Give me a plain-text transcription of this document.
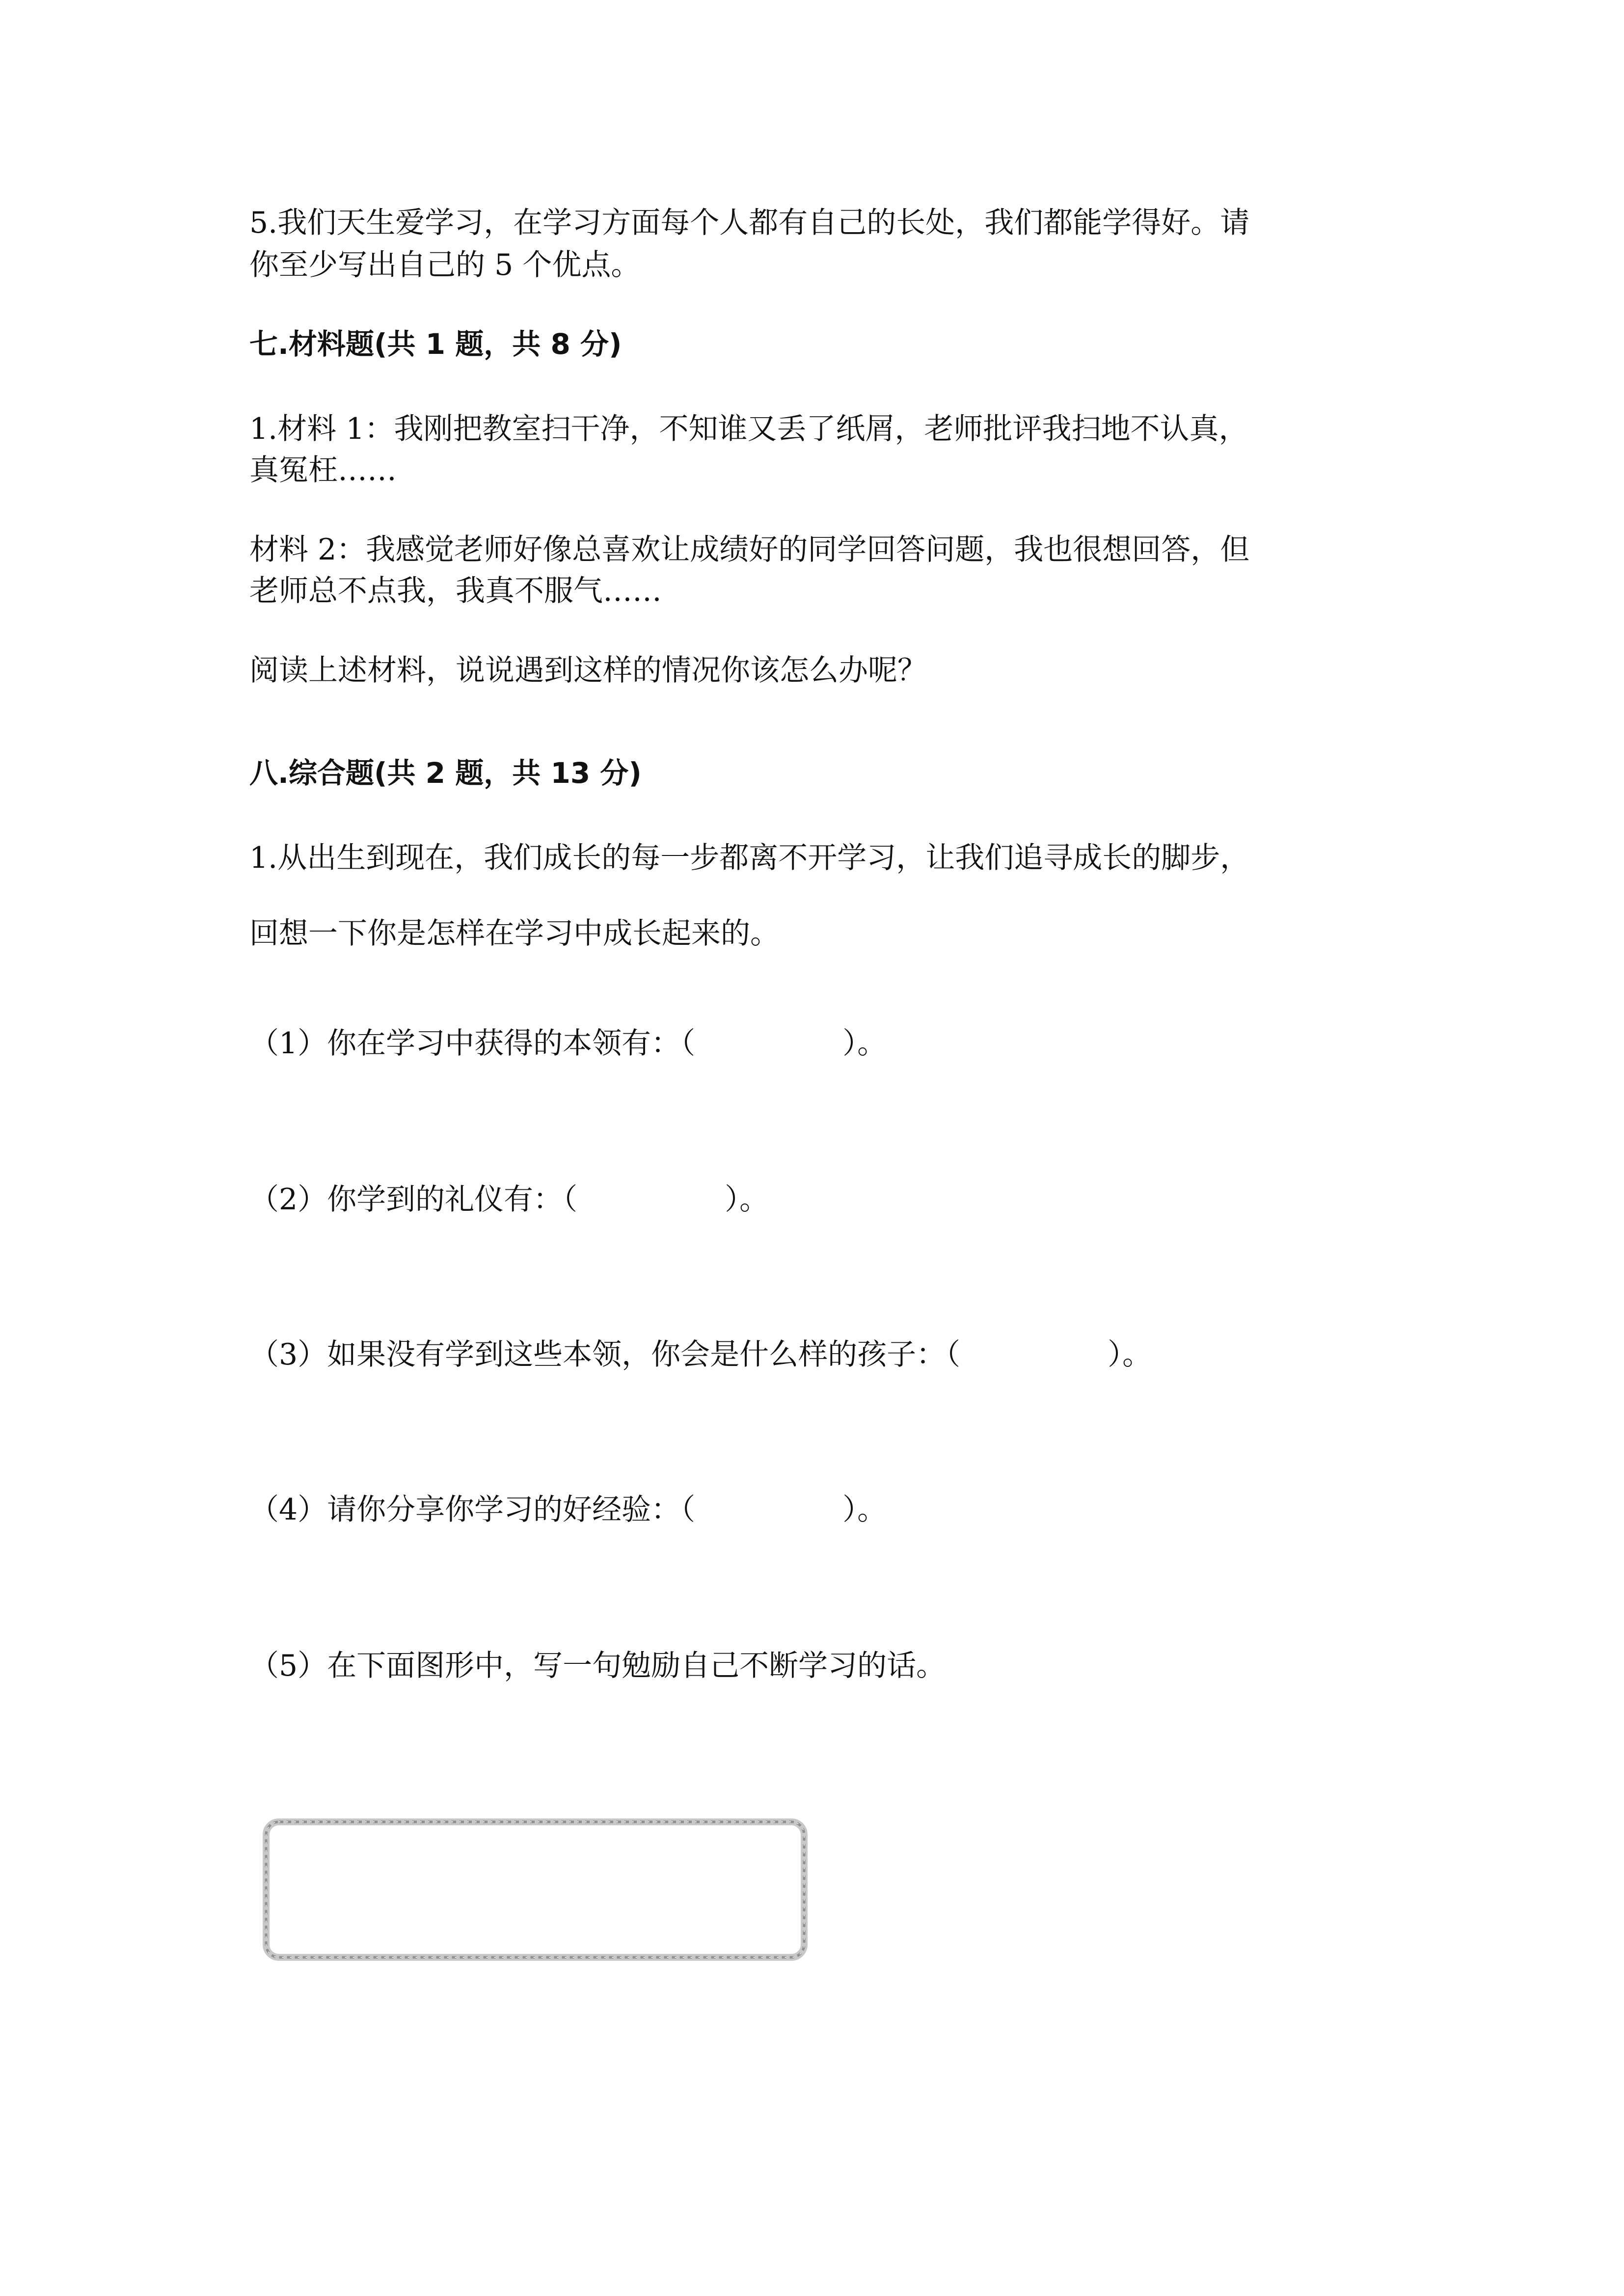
5.我们天生爱学习，在学习方面每个人都有自己的长处，我们都能学得好。请
你至少写出自己的 5 个优点。
七.材料题(共 1 题，共 8 分)
1.材料 1：我刚把教室扫干净，不知谁又丢了纸屑，老师批评我扫地不认真，
真冤枉……
材料 2：我感觉老师好像总喜欢让成绩好的同学回答问题，我也很想回答，但
老师总不点我，我真不服气……
阅读上述材料，说说遇到这样的情况你该怎么办呢？
八.综合题(共 2 题，共 13 分)
1.从出生到现在，我们成长的每一步都离不开学习，让我们追寻成长的脚步，
回想一下你是怎样在学习中成长起来的。
（1）你在学习中获得的本领有：（　　　　　）。
（2）你学到的礼仪有：（　　　　　）。
（3）如果没有学到这些本领，你会是什么样的孩子：（　　　　　）。
（4）请你分享你学习的好经验：（　　　　　）。
（5）在下面图形中，写一句勉励自己不断学习的话。
